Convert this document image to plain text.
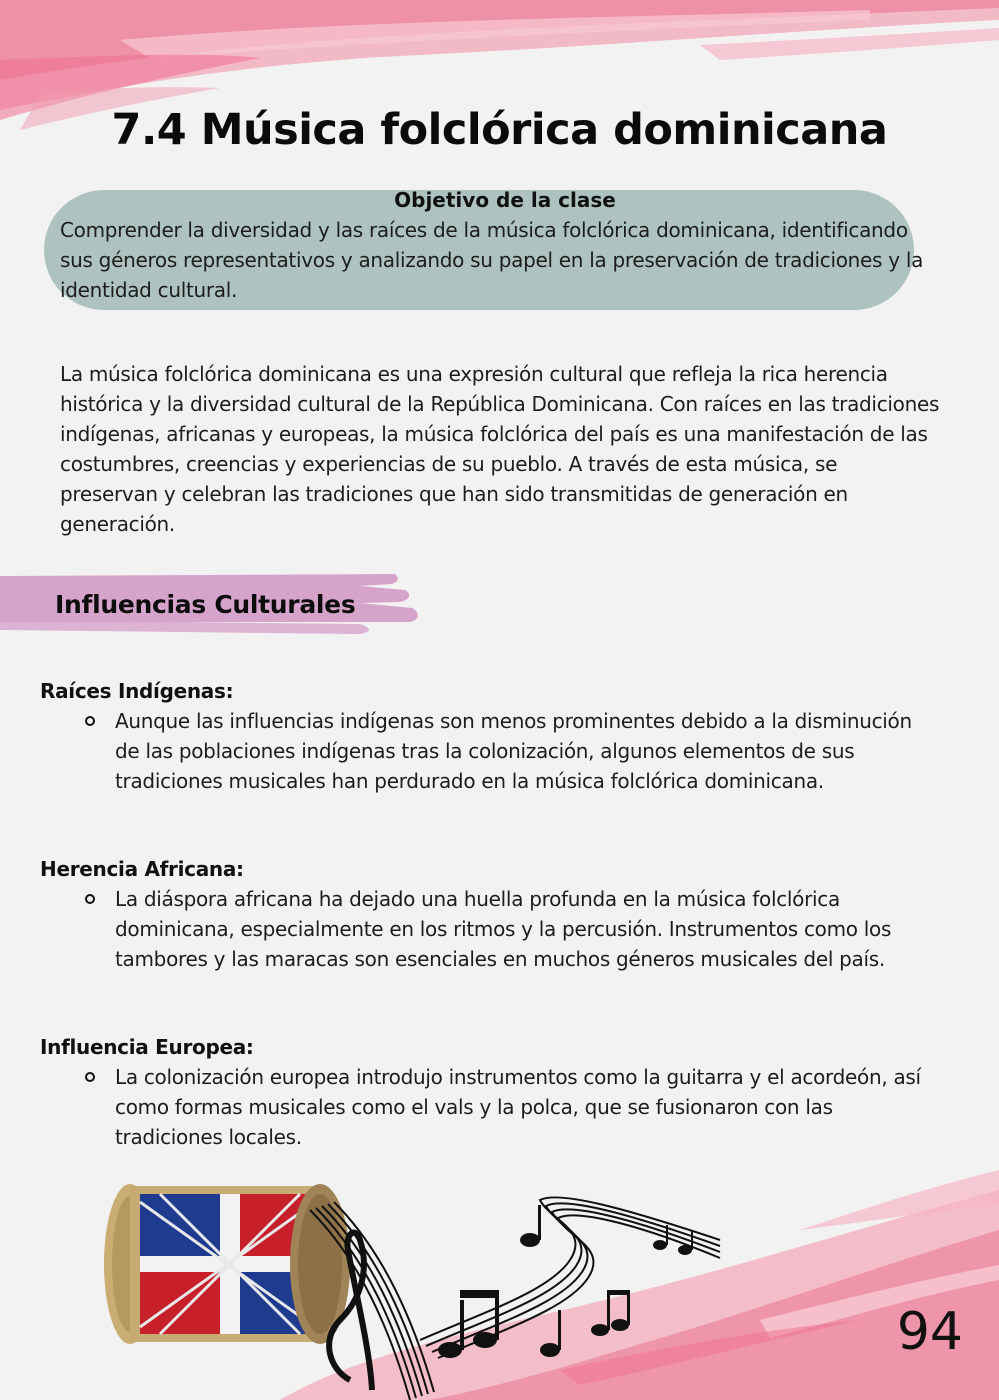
7.4 Música folclórica dominicana
Objetivo de la clase
Comprender la diversidad y las raíces de la música folclórica dominicana, identificando sus géneros representativos y analizando su papel en la preservación de tradiciones y la identidad cultural.

La música folclórica dominicana es una expresión cultural que refleja la rica herencia histórica y la diversidad cultural de la República Dominicana. Con raíces en las tradiciones indígenas, africanas y europeas, la música folclórica del país es una manifestación de las costumbres, creencias y experiencias de su pueblo. A través de esta música, se preservan y celebran las tradiciones que han sido transmitidas de generación en generación.

Influencias Culturales
Raíces Indígenas:
Aunque las influencias indígenas son menos prominentes debido a la disminución de las poblaciones indígenas tras la colonización, algunos elementos de sus tradiciones musicales han perdurado en la música folclórica dominicana.
Herencia Africana:
La diáspora africana ha dejado una huella profunda en la música folclórica dominicana, especialmente en los ritmos y la percusión. Instrumentos como los tambores y las maracas son esenciales en muchos géneros musicales del país.
Influencia Europea:
La colonización europea introdujo instrumentos como la guitarra y el acordeón, así como formas musicales como el vals y la polca, que se fusionaron con las tradiciones locales.
94
